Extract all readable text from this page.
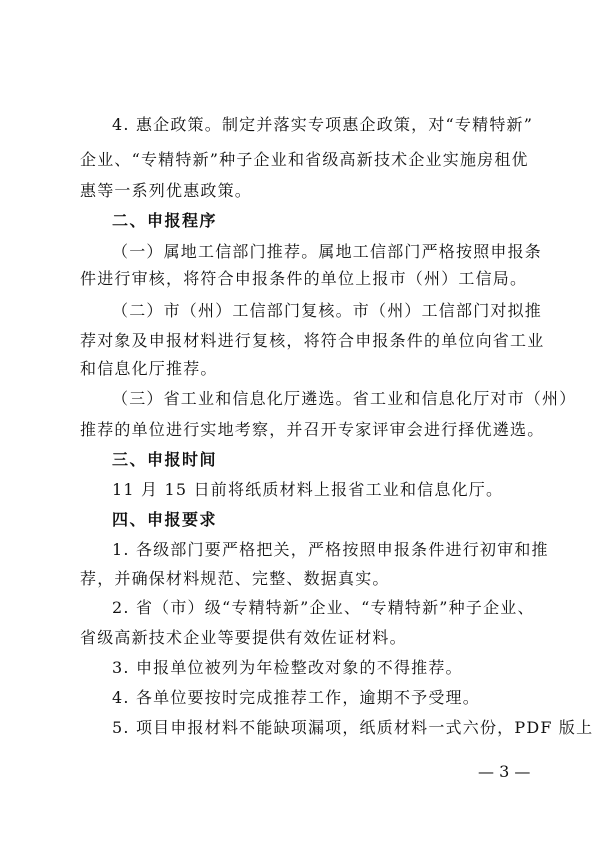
4. 惠企政策。制定并落实专项惠企政策，对“专精特新”
企业、“专精特新”种子企业和省级高新技术企业实施房租优
惠等一系列优惠政策。
二、申报程序
（一）属地工信部门推荐。属地工信部门严格按照申报条
件进行审核，将符合申报条件的单位上报市（州）工信局。
（二）市（州）工信部门复核。市（州）工信部门对拟推
荐对象及申报材料进行复核，将符合申报条件的单位向省工业
和信息化厅推荐。
（三）省工业和信息化厅遴选。省工业和信息化厅对市（州）
推荐的单位进行实地考察，并召开专家评审会进行择优遴选。
三、申报时间
11 月 15 日前将纸质材料上报省工业和信息化厅。
四、申报要求
1. 各级部门要严格把关，严格按照申报条件进行初审和推
荐，并确保材料规范、完整、数据真实。
2. 省（市）级“专精特新”企业、“专精特新”种子企业、
省级高新技术企业等要提供有效佐证材料。
3. 申报单位被列为年检整改对象的不得推荐。
4. 各单位要按时完成推荐工作，逾期不予受理。
5. 项目申报材料不能缺项漏项，纸质材料一式六份，PDF 版上
— 3 —
